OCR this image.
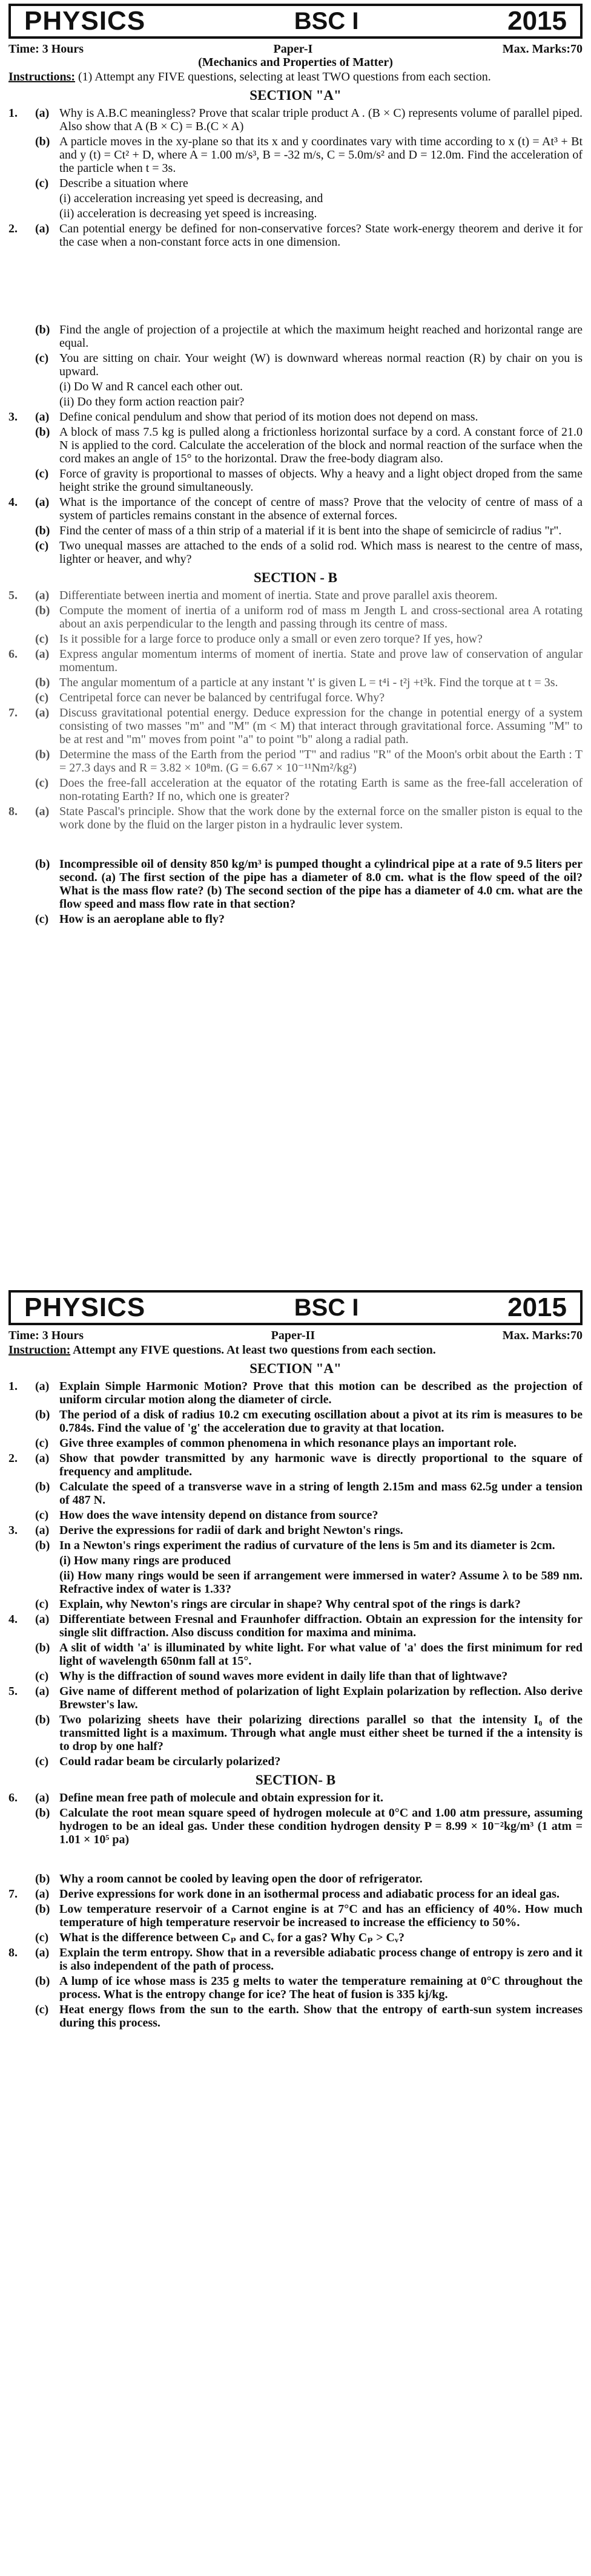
PHYSICS	BSC I	2015
Time: 3 Hours	Paper-I	Max. Marks:70
(Mechanics and Properties of Matter)
Instructions: (1) Attempt any FIVE questions, selecting at least TWO questions from each section.
SECTION "A"
1.	(a) Why is A.B.C meaningless? Prove that scalar triple product A . (B × C) represents volume of parallel piped. Also show that A (B × C) = B.(C × A)
(b) A particle moves in the xy-plane so that its x and y coordinates vary with time according to x (t) = At³ + Bt and y (t) = Ct² + D, where A = 1.00 m/s³, B = -32 m/s, C = 5.0m/s² and D = 12.0m. Find the acceleration of the particle when t = 3s.
(c) Describe a situation where
(i) acceleration increasing yet speed is decreasing, and
(ii) acceleration is decreasing yet speed is increasing.
2.	(a) Can potential energy be defined for non-conservative forces? State work-energy theorem and derive it for the case when a non-constant force acts in one dimension.
(b) Find the angle of projection of a projectile at which the maximum height reached and horizontal range are equal.
(c) You are sitting on chair. Your weight (W) is downward whereas normal reaction (R) by chair on you is upward.
(i) Do W and R cancel each other out.
(ii) Do they form action reaction pair?
3.	(a) Define conical pendulum and show that period of its motion does not depend on mass.
(b) A block of mass 7.5 kg is pulled along a frictionless horizontal surface by a cord. A constant force of 21.0 N is applied to the cord. Calculate the acceleration of the block and normal reaction of the surface when the cord makes an angle of 15° to the horizontal. Draw the free-body diagram also.
(c) Force of gravity is proportional to masses of objects. Why a heavy and a light object droped from the same height strike the ground simultaneously.
4.	(a) What is the importance of the concept of centre of mass? Prove that the velocity of centre of mass of a system of particles remains constant in the absence of external forces.
(b) Find the center of mass of a thin strip of a material if it is bent into the shape of semicircle of radius "r".
(c) Two unequal masses are attached to the ends of a solid rod. Which mass is nearest to the centre of mass, lighter or heaver, and why?
SECTION - B
5.	(a) Differentiate between inertia and moment of inertia. State and prove parallel axis theorem.
(b) Compute the moment of inertia of a uniform rod of mass m Jength L and cross-sectional area A rotating about an axis perpendicular to the length and passing through its centre of mass.
(c) Is it possible for a large force to produce only a small or even zero torque? If yes, how?
6.	(a) Express angular momentum interms of moment of inertia. State and prove law of conservation of angular momentum.
(b) The angular momentum of a particle at any instant 't' is given L = t⁴i - t²j +t³k. Find the torque at t = 3s.
(c) Centripetal force can never be balanced by centrifugal force. Why?
7.	(a) Discuss gravitational potential energy. Deduce expression for the change in potential energy of a system consisting of two masses "m" and "M" (m < M) that interact through gravitational force. Assuming "M" to be at rest and "m" moves from point "a" to point "b" along a radial path.
(b) Determine the mass of the Earth from the period "T" and radius "R" of the Moon's orbit about the Earth : T = 27.3 days and R = 3.82 × 10⁸m. (G = 6.67 × 10⁻¹¹Nm²/kg²)
(c) Does the free-fall acceleration at the equator of the rotating Earth is same as the free-fall acceleration of non-rotating Earth? If no, which one is greater?
8.	(a) State Pascal's principle. Show that the work done by the external force on the smaller piston is equal to the work done by the fluid on the larger piston in a hydraulic lever system.
(b) Incompressible oil of density 850 kg/m³ is pumped thought a cylindrical pipe at a rate of 9.5 liters per second. (a) The first section of the pipe has a diameter of 8.0 cm. what is the flow speed of the oil? What is the mass flow rate? (b) The second section of the pipe has a diameter of 4.0 cm. what are the flow speed and mass flow rate in that section?
(c) How is an aeroplane able to fly?
PHYSICS	BSC I	2015
Time: 3 Hours	Paper-II	Max. Marks:70
Instruction: Attempt any FIVE questions. At least two questions from each section.
SECTION "A"
1.	(a) Explain Simple Harmonic Motion? Prove that this motion can be described as the projection of uniform circular motion along the diameter of circle.
(b) The period of a disk of radius 10.2 cm executing oscillation about a pivot at its rim is measures to be 0.784s. Find the value of 'g' the acceleration due to gravity at that location.
(c) Give three examples of common phenomena in which resonance plays an important role.
2.	(a) Show that powder transmitted by any harmonic wave is directly proportional to the square of frequency and amplitude.
(b) Calculate the speed of a transverse wave in a string of length 2.15m and mass 62.5g under a tension of 487 N.
(c) How does the wave intensity depend on distance from source?
3.	(a) Derive the expressions for radii of dark and bright Newton's rings.
(b) In a Newton's rings experiment the radius of curvature of the lens is 5m and its diameter is 2cm.
(i) How many rings are produced
(ii) How many rings would be seen if arrangement were immersed in water? Assume λ to be 589 nm. Refractive index of water is 1.33?
(c) Explain, why Newton's rings are circular in shape? Why central spot of the rings is dark?
4.	(a) Differentiate between Fresnal and Fraunhofer diffraction. Obtain an expression for the intensity for single slit diffraction. Also discuss condition for maxima and minima.
(b) A slit of width 'a' is illuminated by white light. For what value of 'a' does the first minimum for red light of wavelength 650nm fall at 15°.
(c) Why is the diffraction of sound waves more evident in daily life than that of lightwave?
5.	(a) Give name of different method of polarization of light Explain polarization by reflection. Also derive Brewster's law.
(b) Two polarizing sheets have their polarizing directions parallel so that the intensity I₀ of the transmitted light is a maximum. Through what angle must either sheet be turned if the a intensity is to drop by one half?
(c) Could radar beam be circularly polarized?
SECTION- B
6.	(a) Define mean free path of molecule and obtain expression for it.
(b) Calculate the root mean square speed of hydrogen molecule at 0°C and 1.00 atm pressure, assuming hydrogen to be an ideal gas. Under these condition hydrogen density P = 8.99 × 10⁻²kg/m³ (1 atm = 1.01 × 10⁵ pa)
(b) Why a room cannot be cooled by leaving open the door of refrigerator.
7.	(a) Derive expressions for work done in an isothermal process and adiabatic process for an ideal gas.
(b) Low temperature reservoir of a Carnot engine is at 7°C and has an efficiency of 40%. How much temperature of high temperature reservoir be increased to increase the efficiency to 50%.
(c) What is the difference between Cₚ and Cᵥ for a gas? Why Cₚ > Cᵥ?
8.	(a) Explain the term entropy. Show that in a reversible adiabatic process change of entropy is zero and it is also independent of the path of process.
(b) A lump of ice whose mass is 235 g melts to water the temperature remaining at 0°C throughout the process. What is the entropy change for ice? The heat of fusion is 335 kj/kg.
(c) Heat energy flows from the sun to the earth. Show that the entropy of earth-sun system increases during this process.
